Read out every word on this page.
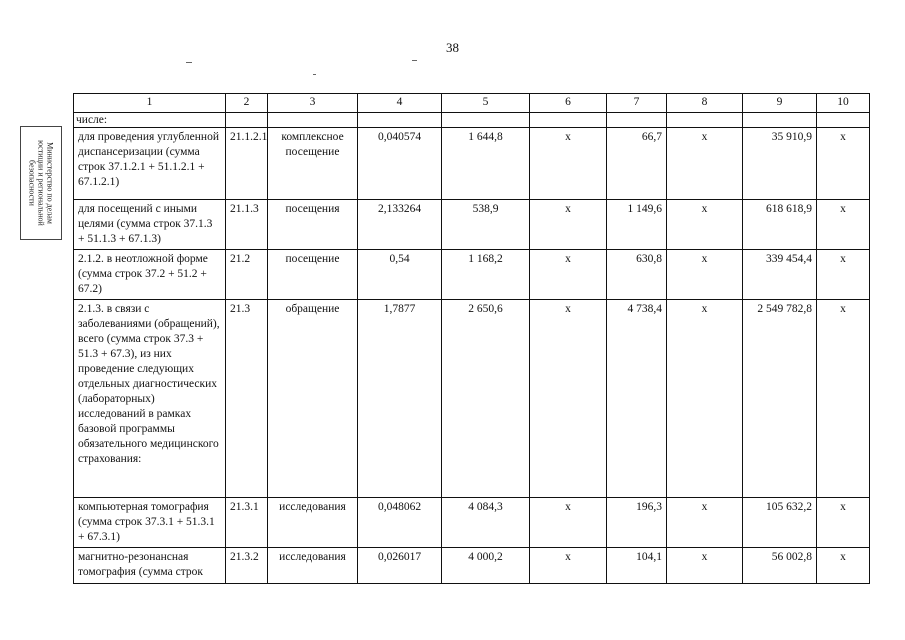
38
Министерство по делам
юстиции и региональной
безопасности
1	2	3	4	5	6	7	8	9	10
числе:									
для проведения углубленной диспансеризации (сумма строк 37.1.2.1 + 51.1.2.1 + 67.1.2.1)	21.1.2.1	комплексное посещение	0,040574	1 644,8	x	66,7	x	35 910,9	x
для посещений с иными целями (сумма строк 37.1.3 + 51.1.3 + 67.1.3)	21.1.3	посещения	2,133264	538,9	x	1 149,6	x	618 618,9	x
2.1.2. в неотложной форме (сумма строк 37.2 + 51.2 + 67.2)	21.2	посещение	0,54	1 168,2	x	630,8	x	339 454,4	x
2.1.3. в связи с заболеваниями (обращений), всего (сумма строк 37.3 + 51.3 + 67.3), из них проведение следующих отдельных диагностических (лабораторных) исследований в рамках базовой программы обязательного медицинского страхования:	21.3	обращение	1,7877	2 650,6	x	4 738,4	x	2 549 782,8	x
компьютерная томография (сумма строк 37.3.1 + 51.3.1 + 67.3.1)	21.3.1	исследования	0,048062	4 084,3	x	196,3	x	105 632,2	x
магнитно-резонансная томография (сумма строк	21.3.2	исследования	0,026017	4 000,2	x	104,1	x	56 002,8	x
